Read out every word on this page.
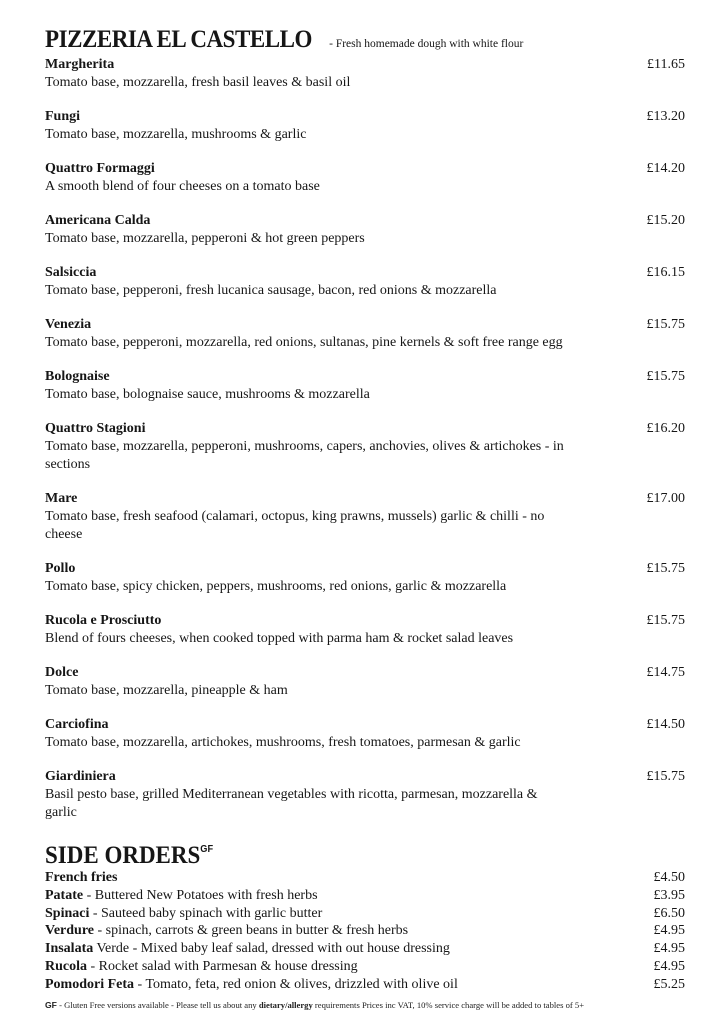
PIZZERIA EL CASTELLO - Fresh homemade dough with white flour
Margherita	£11.65
Tomato base, mozzarella, fresh basil leaves & basil oil
Fungi	£13.20
Tomato base, mozzarella, mushrooms & garlic
Quattro Formaggi	£14.20
A smooth blend of four cheeses on a tomato base
Americana Calda	£15.20
Tomato base, mozzarella, pepperoni & hot green peppers
Salsiccia	£16.15
Tomato base, pepperoni, fresh lucanica sausage, bacon, red onions & mozzarella
Venezia	£15.75
Tomato base, pepperoni, mozzarella, red onions, sultanas, pine kernels & soft free range egg
Bolognaise	£15.75
Tomato base, bolognaise sauce, mushrooms & mozzarella
Quattro Stagioni	£16.20
Tomato base, mozzarella, pepperoni, mushrooms, capers, anchovies, olives & artichokes - in sections
Mare	£17.00
Tomato base, fresh seafood (calamari, octopus, king prawns, mussels) garlic & chilli - no cheese
Pollo	£15.75
Tomato base, spicy chicken, peppers, mushrooms, red onions, garlic & mozzarella
Rucola e Prosciutto	£15.75
Blend of fours cheeses, when cooked topped with parma ham & rocket salad leaves
Dolce	£14.75
Tomato base, mozzarella, pineapple & ham
Carciofina	£14.50
Tomato base, mozzarella, artichokes, mushrooms, fresh tomatoes, parmesan & garlic
Giardiniera	£15.75
Basil pesto base, grilled Mediterranean vegetables with ricotta, parmesan, mozzarella & garlic
SIDE $ORDERS^{GF}$
French fries	£4.50
Patate - Buttered New Potatoes with fresh herbs	£3.95
Spinaci - Sauteed baby spinach with garlic butter	£6.50
Verdure - spinach, carrots & green beans in butter & fresh herbs	£4.95
Insalata Verde - Mixed baby leaf salad, dressed with out house dressing	£4.95
Rucola - Rocket salad with Parmesan & house dressing	£4.95
Pomodori Feta - Tomato, feta, red onion & olives, drizzled with olive oil	£5.25
GF - Gluten Free versions available - Please tell us about any dietary/allergy requirements Prices inc VAT, 10% service charge will be added to tables of 5+
